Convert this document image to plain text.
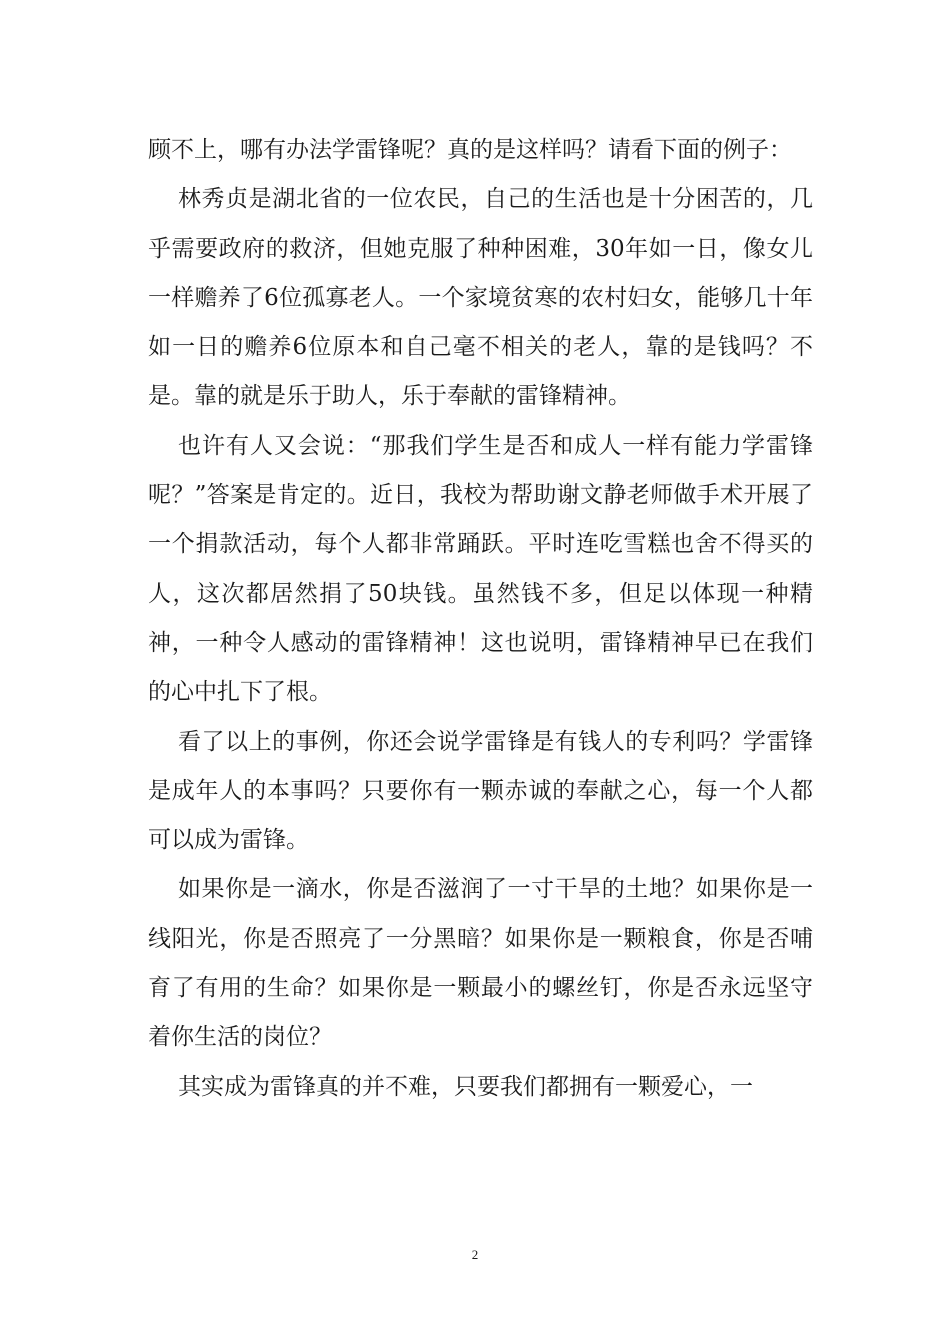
顾不上，哪有办法学雷锋呢？真的是这样吗？请看下面的例子：

林秀贞是湖北省的一位农民，自己的生活也是十分困苦的，几乎需要政府的救济，但她克服了种种困难，30年如一日，像女儿一样赡养了6位孤寡老人。一个家境贫寒的农村妇女，能够几十年如一日的赡养6位原本和自己毫不相关的老人，靠的是钱吗？不是。靠的就是乐于助人，乐于奉献的雷锋精神。

也许有人又会说：“那我们学生是否和成人一样有能力学雷锋呢？”答案是肯定的。近日，我校为帮助谢文静老师做手术开展了一个捐款活动，每个人都非常踊跃。平时连吃雪糕也舍不得买的人，这次都居然捐了50块钱。虽然钱不多，但足以体现一种精神，一种令人感动的雷锋精神！这也说明，雷锋精神早已在我们的心中扎下了根。

看了以上的事例，你还会说学雷锋是有钱人的专利吗？学雷锋是成年人的本事吗？只要你有一颗赤诚的奉献之心，每一个人都可以成为雷锋。

如果你是一滴水，你是否滋润了一寸干旱的土地？如果你是一线阳光，你是否照亮了一分黑暗？如果你是一颗粮食，你是否哺育了有用的生命？如果你是一颗最小的螺丝钉，你是否永远坚守着你生活的岗位？

其实成为雷锋真的并不难，只要我们都拥有一颗爱心，一

2
